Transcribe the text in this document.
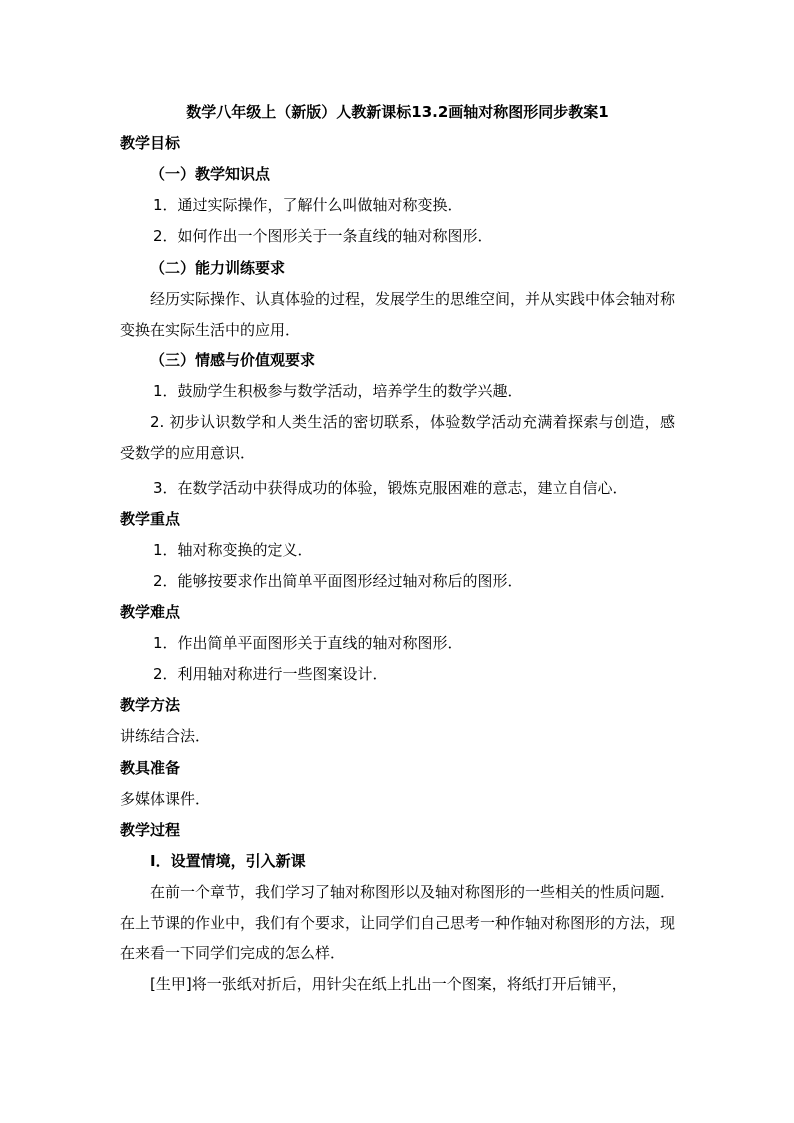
数学八年级上（新版）人教新课标13.2画轴对称图形同步教案1
教学目标
（一）教学知识点
1．通过实际操作，了解什么叫做轴对称变换．
2．如何作出一个图形关于一条直线的轴对称图形．
（二）能力训练要求
经历实际操作、认真体验的过程，发展学生的思维空间，并从实践中体会轴对称变换在实际生活中的应用．
（三）情感与价值观要求
1．鼓励学生积极参与数学活动，培养学生的数学兴趣．
2. 初步认识数学和人类生活的密切联系，体验数学活动充满着探索与创造，感受数学的应用意识．
3．在数学活动中获得成功的体验，锻炼克服困难的意志，建立自信心．
教学重点
1．轴对称变换的定义．
2．能够按要求作出简单平面图形经过轴对称后的图形．
教学难点
1．作出简单平面图形关于直线的轴对称图形．
2．利用轴对称进行一些图案设计．
教学方法
讲练结合法．
教具准备
多媒体课件．
教学过程
Ⅰ．设置情境，引入新课
在前一个章节，我们学习了轴对称图形以及轴对称图形的一些相关的性质问题．在上节课的作业中，我们有个要求，让同学们自己思考一种作轴对称图形的方法，现在来看一下同学们完成的怎么样．
[生甲]将一张纸对折后，用针尖在纸上扎出一个图案，将纸打开后铺平，
